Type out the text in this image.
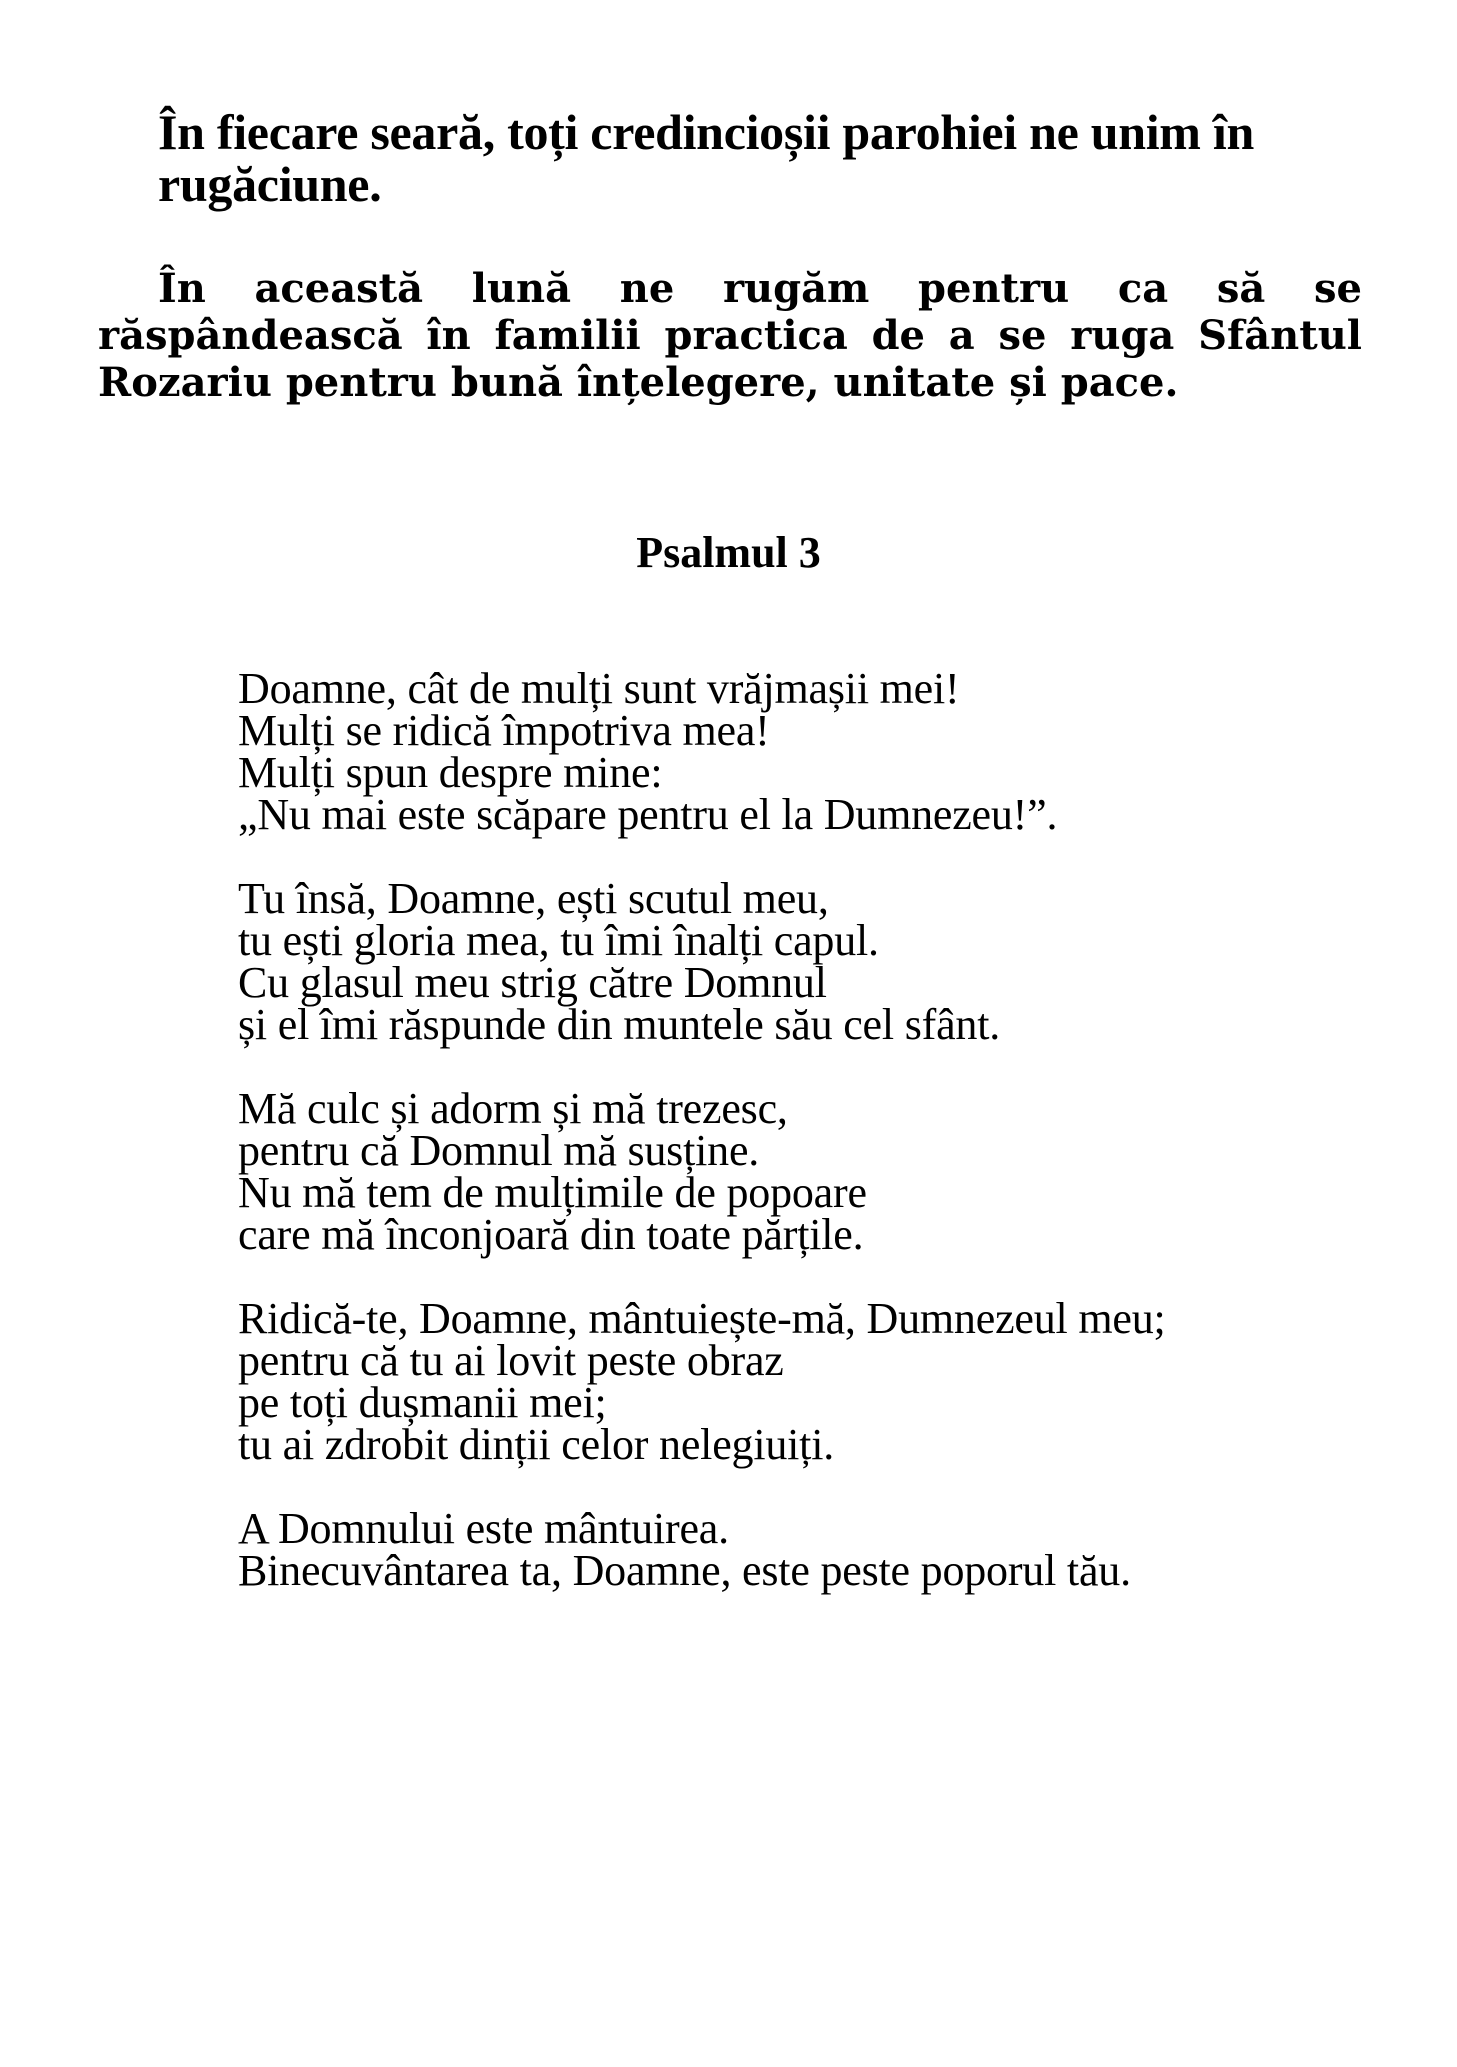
În fiecare seară, toți credincioșii parohiei ne unim în
rugăciune.
În această lună ne rugăm pentru ca să se
răspândească în familii practica de a se ruga Sfântul
Rozariu pentru bună înțelegere, unitate și pace.
Psalmul 3
Doamne, cât de mulți sunt vrăjmașii mei!
Mulți se ridică împotriva mea!
Mulți spun despre mine:
„Nu mai este scăpare pentru el la Dumnezeu!”.
Tu însă, Doamne, ești scutul meu,
tu ești gloria mea, tu îmi înalți capul.
Cu glasul meu strig către Domnul
și el îmi răspunde din muntele său cel sfânt.
Mă culc și adorm și mă trezesc,
pentru că Domnul mă susține.
Nu mă tem de mulțimile de popoare
care mă înconjoară din toate părțile.
Ridică-te, Doamne, mântuiește-mă, Dumnezeul meu;
pentru că tu ai lovit peste obraz
pe toți dușmanii mei;
tu ai zdrobit dinții celor nelegiuiți.
A Domnului este mântuirea.
Binecuvântarea ta, Doamne, este peste poporul tău.
